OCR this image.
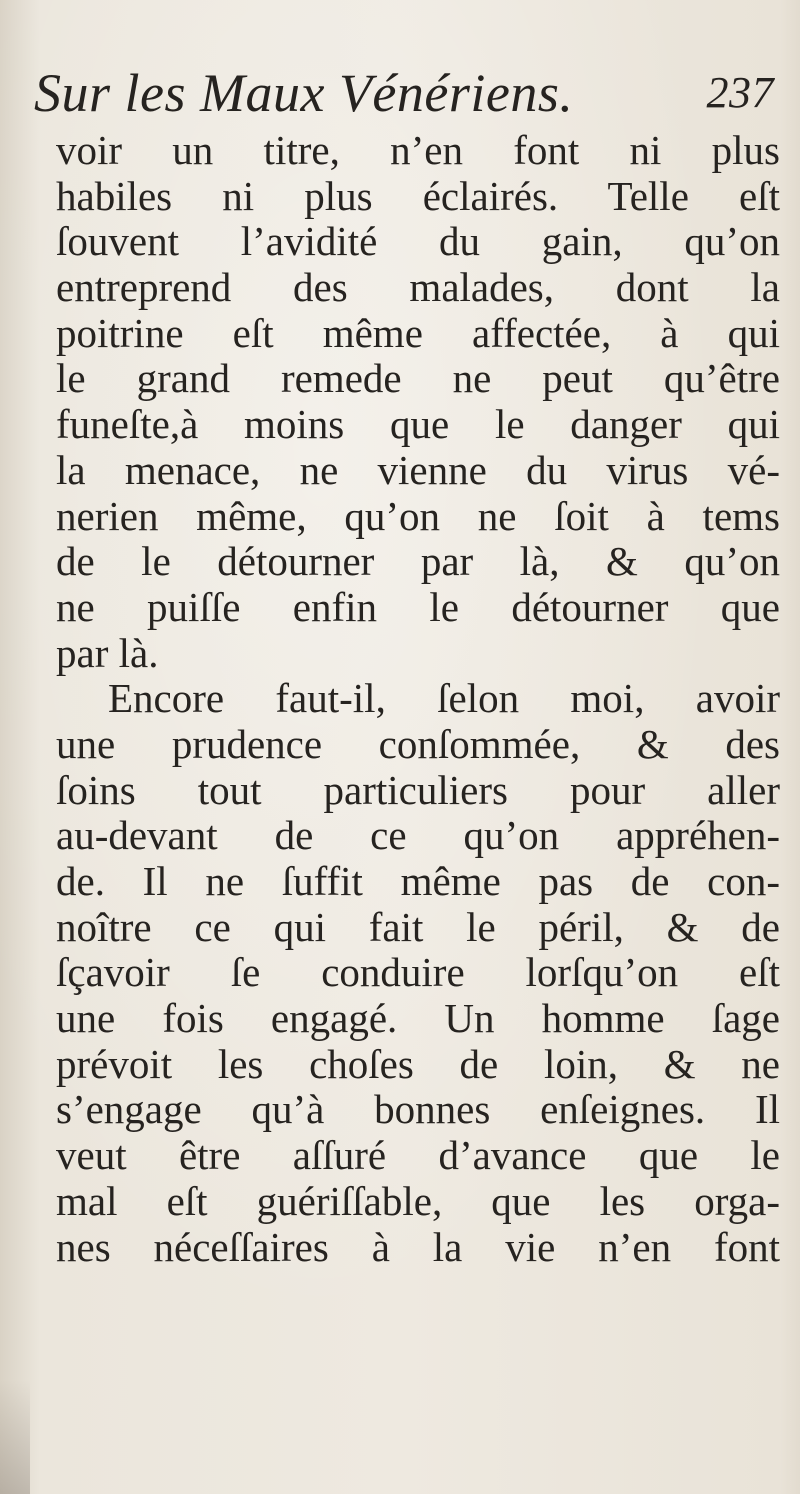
Sur les Maux Vénériens.	237
voir un titre, n’en font ni plus
habiles ni plus éclairés. Telle eſt
ſouvent l’avidité du gain, qu’on
entreprend des malades, dont la
poitrine eſt même affectée, à qui
le grand remede ne peut qu’être
funeſte,à moins que le danger qui
la menace, ne vienne du virus vé-
nerien même, qu’on ne ſoit à tems
de le détourner par là, & qu’on
ne puiſſe enfin le détourner que
par là.
Encore faut-il, ſelon moi, avoir
une prudence conſommée, & des
ſoins tout particuliers pour aller
au-devant de ce qu’on appréhen-
de. Il ne ſuffit même pas de con-
noître ce qui fait le péril, & de
ſçavoir ſe conduire lorſqu’on eſt
une fois engagé. Un homme ſage
prévoit les choſes de loin, & ne
s’engage qu’à bonnes enſeignes. Il
veut être aſſuré d’avance que le
mal eſt guériſſable, que les orga-
nes néceſſaires à la vie n’en font
